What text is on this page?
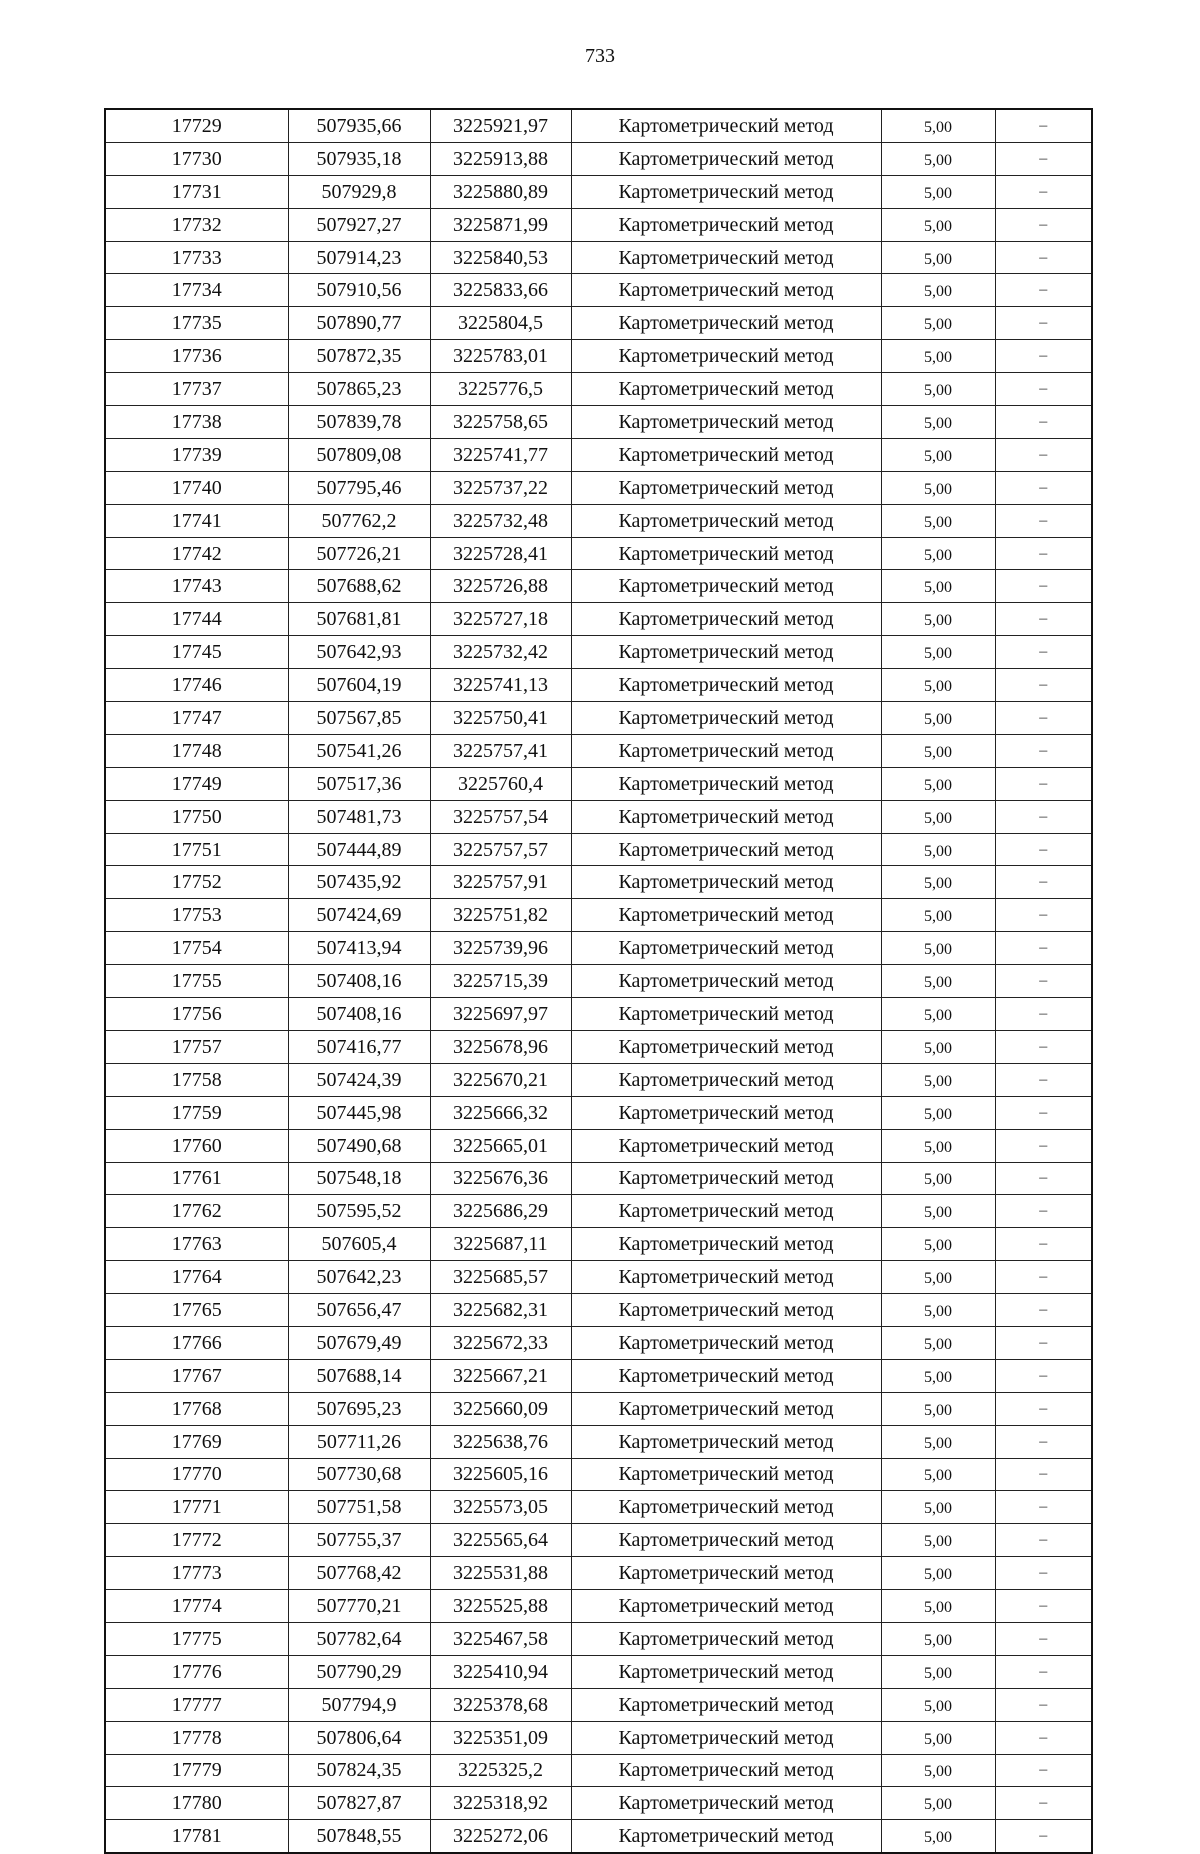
733
17729	507935,66	3225921,97	Картометрический метод	5,00	–
17730	507935,18	3225913,88	Картометрический метод	5,00	–
17731	507929,8	3225880,89	Картометрический метод	5,00	–
17732	507927,27	3225871,99	Картометрический метод	5,00	–
17733	507914,23	3225840,53	Картометрический метод	5,00	–
17734	507910,56	3225833,66	Картометрический метод	5,00	–
17735	507890,77	3225804,5	Картометрический метод	5,00	–
17736	507872,35	3225783,01	Картометрический метод	5,00	–
17737	507865,23	3225776,5	Картометрический метод	5,00	–
17738	507839,78	3225758,65	Картометрический метод	5,00	–
17739	507809,08	3225741,77	Картометрический метод	5,00	–
17740	507795,46	3225737,22	Картометрический метод	5,00	–
17741	507762,2	3225732,48	Картометрический метод	5,00	–
17742	507726,21	3225728,41	Картометрический метод	5,00	–
17743	507688,62	3225726,88	Картометрический метод	5,00	–
17744	507681,81	3225727,18	Картометрический метод	5,00	–
17745	507642,93	3225732,42	Картометрический метод	5,00	–
17746	507604,19	3225741,13	Картометрический метод	5,00	–
17747	507567,85	3225750,41	Картометрический метод	5,00	–
17748	507541,26	3225757,41	Картометрический метод	5,00	–
17749	507517,36	3225760,4	Картометрический метод	5,00	–
17750	507481,73	3225757,54	Картометрический метод	5,00	–
17751	507444,89	3225757,57	Картометрический метод	5,00	–
17752	507435,92	3225757,91	Картометрический метод	5,00	–
17753	507424,69	3225751,82	Картометрический метод	5,00	–
17754	507413,94	3225739,96	Картометрический метод	5,00	–
17755	507408,16	3225715,39	Картометрический метод	5,00	–
17756	507408,16	3225697,97	Картометрический метод	5,00	–
17757	507416,77	3225678,96	Картометрический метод	5,00	–
17758	507424,39	3225670,21	Картометрический метод	5,00	–
17759	507445,98	3225666,32	Картометрический метод	5,00	–
17760	507490,68	3225665,01	Картометрический метод	5,00	–
17761	507548,18	3225676,36	Картометрический метод	5,00	–
17762	507595,52	3225686,29	Картометрический метод	5,00	–
17763	507605,4	3225687,11	Картометрический метод	5,00	–
17764	507642,23	3225685,57	Картометрический метод	5,00	–
17765	507656,47	3225682,31	Картометрический метод	5,00	–
17766	507679,49	3225672,33	Картометрический метод	5,00	–
17767	507688,14	3225667,21	Картометрический метод	5,00	–
17768	507695,23	3225660,09	Картометрический метод	5,00	–
17769	507711,26	3225638,76	Картометрический метод	5,00	–
17770	507730,68	3225605,16	Картометрический метод	5,00	–
17771	507751,58	3225573,05	Картометрический метод	5,00	–
17772	507755,37	3225565,64	Картометрический метод	5,00	–
17773	507768,42	3225531,88	Картометрический метод	5,00	–
17774	507770,21	3225525,88	Картометрический метод	5,00	–
17775	507782,64	3225467,58	Картометрический метод	5,00	–
17776	507790,29	3225410,94	Картометрический метод	5,00	–
17777	507794,9	3225378,68	Картометрический метод	5,00	–
17778	507806,64	3225351,09	Картометрический метод	5,00	–
17779	507824,35	3225325,2	Картометрический метод	5,00	–
17780	507827,87	3225318,92	Картометрический метод	5,00	–
17781	507848,55	3225272,06	Картометрический метод	5,00	–
